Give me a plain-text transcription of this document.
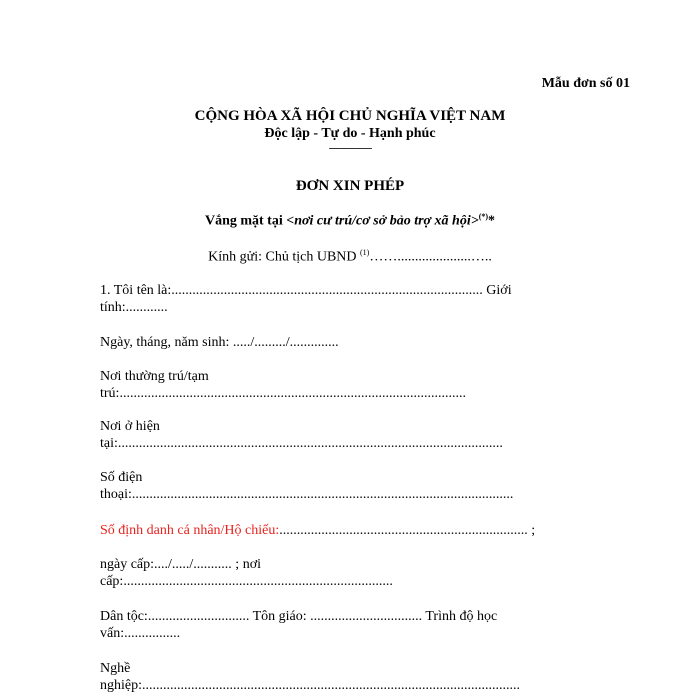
Mẫu đơn số 01
CỘNG HÒA XÃ HỘI CHỦ NGHĨA VIỆT NAM
Độc lập - Tự do - Hạnh phúc
----------------
ĐƠN XIN PHÉP
Vắng mặt tại <nơi cư trú/cơ sở bảo trợ xã hội>(*)*
Kính gửi: Chủ tịch UBND $^{(1)}$…….....................…..
1. Tôi tên là:......................................................................................... Giới
tính:............
Ngày, tháng, năm sinh: ...../........./..............
Nơi thường trú/tạm
trú:...................................................................................................
Nơi ở hiện
tại:..............................................................................................................
Số điện
thoại:.............................................................................................................
Số định danh cá nhân/Hộ chiếu:....................................................................... ;
ngày cấp:..../...../........... ; nơi
cấp:.............................................................................
Dân tộc:............................. Tôn giáo: ................................ Trình độ học
vấn:................
Nghề
nghiệp:............................................................................................................
